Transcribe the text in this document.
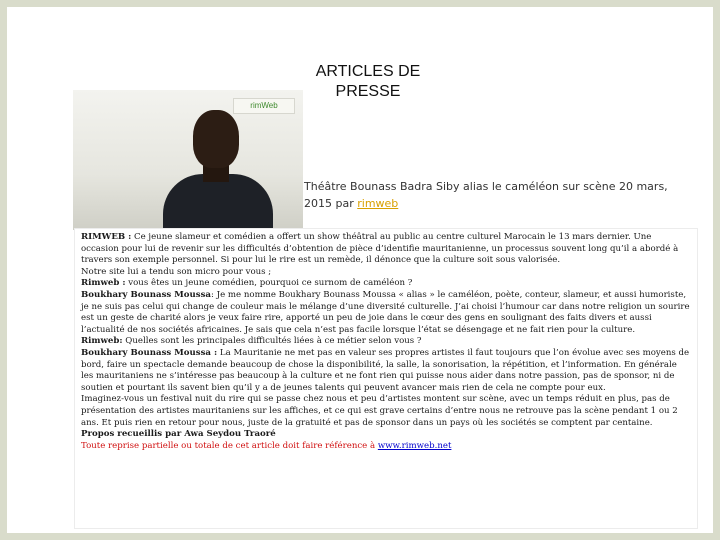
ARTICLES DE
PRESSE
rimWeb
Théâtre Bounass Badra Siby alias le caméléon sur scène 20 mars, 2015 par rimweb

RIMWEB : Ce jeune slameur et comédien a offert un show théâtral au public au centre culturel Marocain le 13 mars dernier. Une occasion pour lui de revenir sur les difficultés d’obtention de pièce d’identifie mauritanienne, un processus souvent long qu’il a abordé à travers son exemple personnel. Si pour lui le rire est un remède, il dénonce que la culture soit sous valorisée.

Notre site lui a tendu son micro pour vous ;

Rimweb : vous êtes un jeune comédien, pourquoi ce surnom de caméléon ?

Boukhary Bounass Moussa: Je me nomme Boukhary Bounass Moussa « alias » le caméléon, poète, conteur, slameur, et aussi humoriste, je ne suis pas celui qui change de couleur mais le mélange d’une diversité culturelle. J’ai choisi l’humour car dans notre religion un sourire est un geste de charité alors je veux faire rire, apporté un peu de joie dans le cœur des gens en soulignant des faits divers et aussi l’actualité de nos sociétés africaines. Je sais que cela n’est pas facile lorsque l’état se désengage et ne fait rien pour la culture.

Rimweb: Quelles sont les principales difficultés liées à ce métier selon vous ?

Boukhary Bounass Moussa : La Mauritanie ne met pas en valeur ses propres artistes il faut toujours que l’on évolue avec ses moyens de bord, faire un spectacle demande beaucoup de chose la disponibilité, la salle, la sonorisation, la répétition, et l’information. En générale les mauritaniens ne s’intéresse pas beaucoup à la culture et ne font rien qui puisse nous aider dans notre passion, pas de sponsor, ni de soutien et pourtant ils savent bien qu’il y a de jeunes talents qui peuvent avancer mais rien de cela ne compte pour eux.

Imaginez-vous un festival nuit du rire qui se passe chez nous et peu d’artistes montent sur scène, avec un temps réduit en plus, pas de présentation des artistes mauritaniens sur les affiches, et ce qui est grave certains d’entre nous ne retrouve pas la scène pendant 1 ou 2 ans. Et puis rien en retour pour nous, juste de la gratuité et pas de sponsor dans un pays où les sociétés se comptent par centaine.

Propos recueillis par Awa Seydou Traoré

Toute reprise partielle ou totale de cet article doit faire référence à www.rimweb.net
